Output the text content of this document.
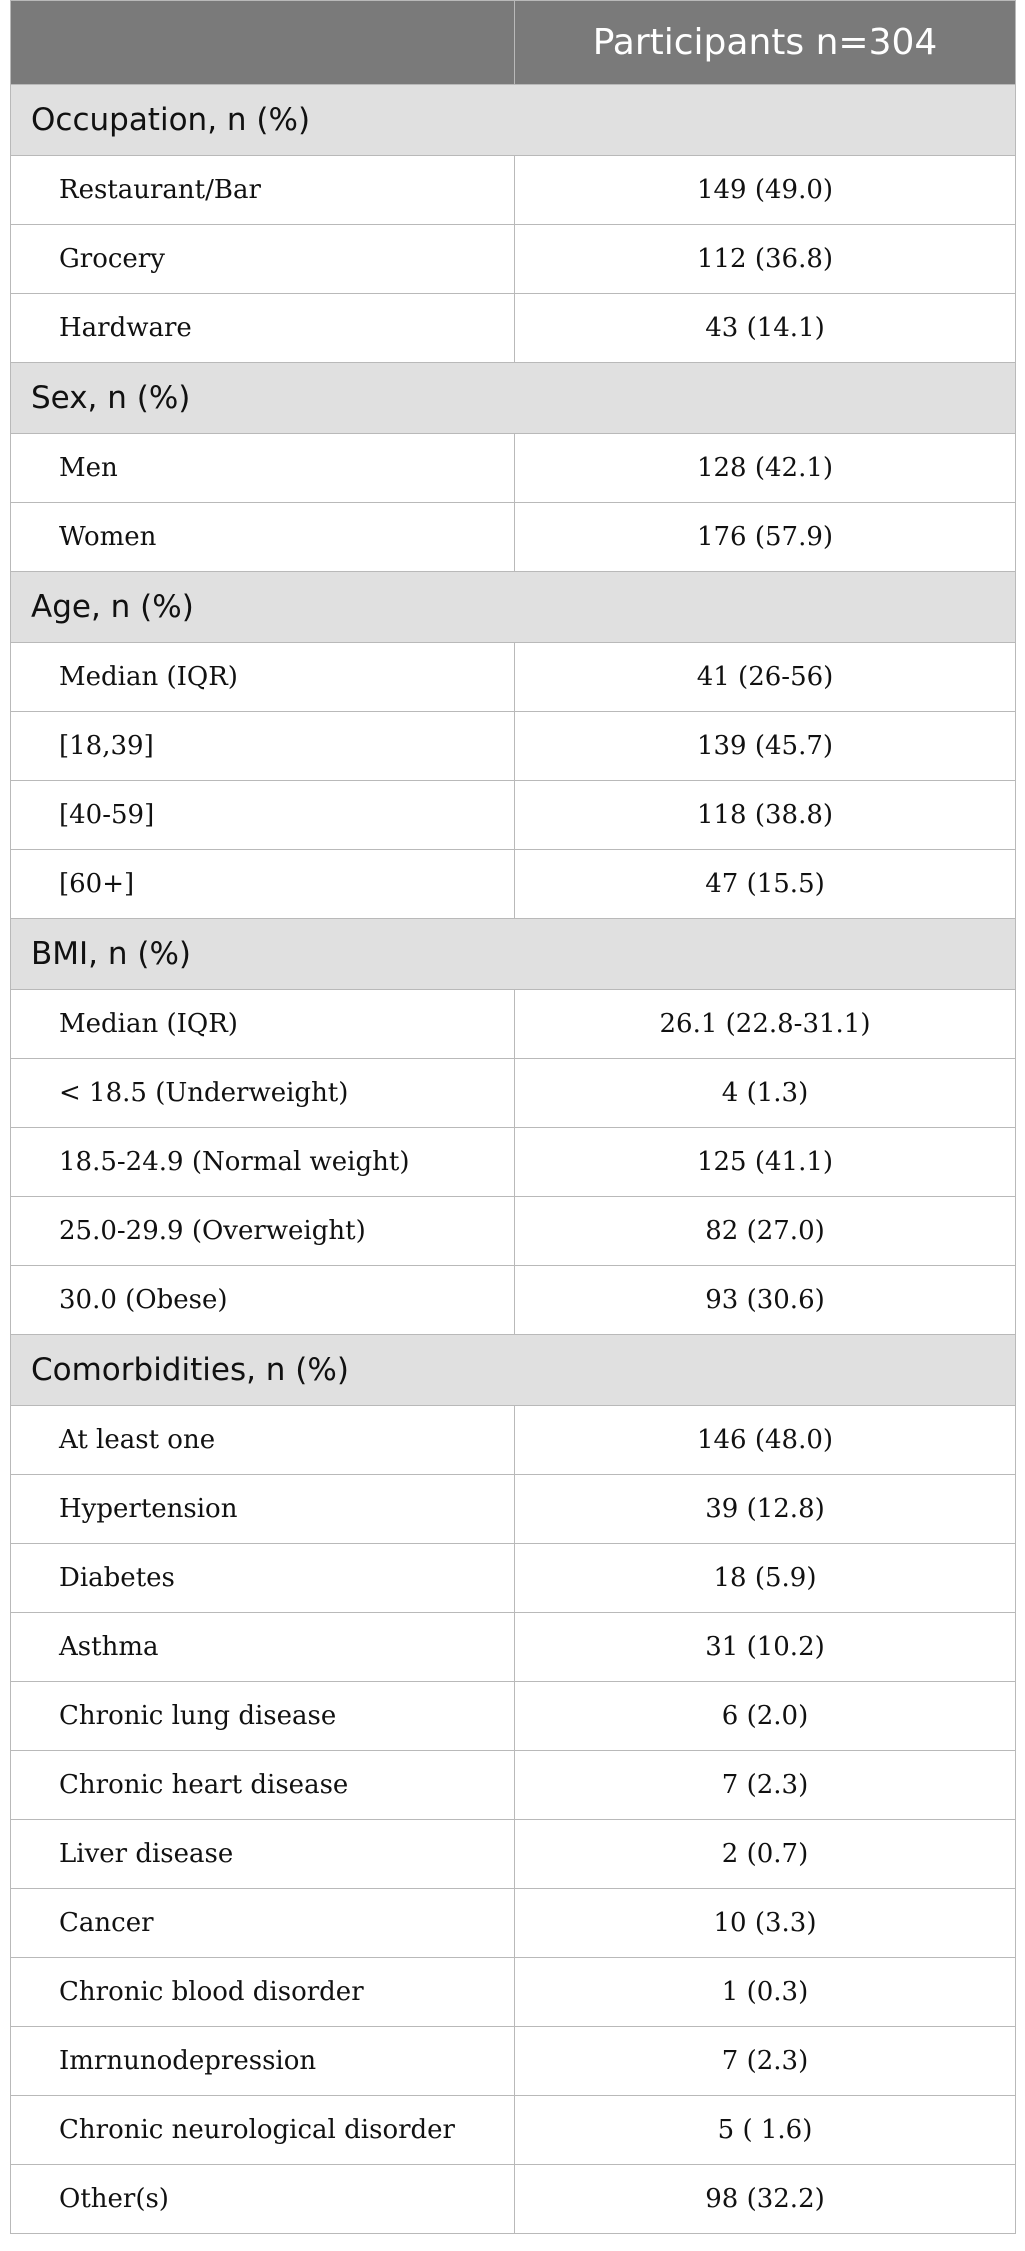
	Participants n=304
Occupation, n (%)	
Restaurant/Bar	149 (49.0)
Grocery	112 (36.8)
Hardware	43 (14.1)
Sex, n (%)	
Men	128 (42.1)
Women	176 (57.9)
Age, n (%)	
Median (IQR)	41 (26-56)
[18,39]	139 (45.7)
[40-59]	118 (38.8)
[60+]	47 (15.5)
BMI, n (%)	
Median (IQR)	26.1 (22.8-31.1)
< 18.5 (Underweight)	4 (1.3)
18.5-24.9 (Normal weight)	125 (41.1)
25.0-29.9 (Overweight)	82 (27.0)
30.0 (Obese)	93 (30.6)
Comorbidities, n (%)	
At least one	146 (48.0)
Hypertension	39 (12.8)
Diabetes	18 (5.9)
Asthma	31 (10.2)
Chronic lung disease	6 (2.0)
Chronic heart disease	7 (2.3)
Liver disease	2 (0.7)
Cancer	10 (3.3)
Chronic blood disorder	1 (0.3)
Imrnunodepression	7 (2.3)
Chronic neurological disorder	5 ( 1.6)
Other(s)	98 (32.2)
